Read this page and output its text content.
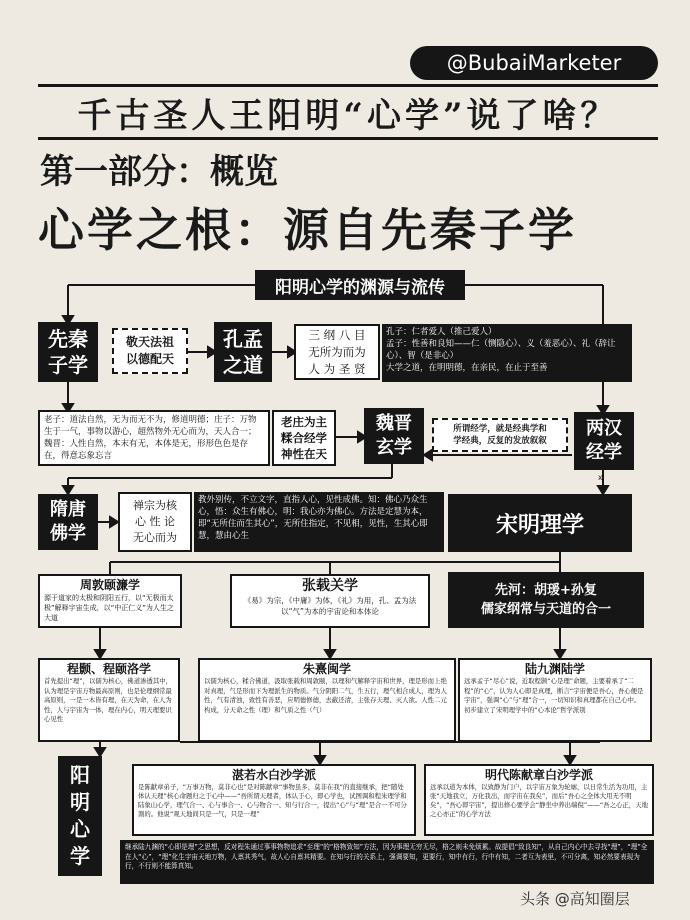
@BubaiMarketer
千古圣人王阳明“心学”说了啥？
第一部分：概览
心学之根：源自先秦子学
阳明心学的渊源与流传
先秦
子学
敬天法祖
以德配天
孔孟
之道
三 纲 八 目
无所为而为
人 为 圣 贤
孔子：仁者爱人（推己爱人）
孟子：性善和良知——仁（恻隐心）、义（羞恶心）、礼（辞让心）、智（是非心）
大学之道，在明明德，在亲民，在止于至善
老子：道法自然，无为而无不为，修道明德；庄子：万物生于一气，事物以游心，超然物外无心而为，天人合一；魏晋：人性自然，本末有无，本体是无，形形色色是存在，得意忘象忘言
老庄为主
糅合经学
神性在天
魏晋
玄学
所谓经学，就是经典学和
学经典，反复的发放叙叙
两汉
经学
x
隋唐
佛学
禅宗为核
心 性 论
无心而为
教外别传，不立文字，直指人心，见性成佛。知：佛心乃众生心，悟：众生有佛心，明：我心亦为佛心。方法是定慧为本，即“无所住而生其心”，无所住指定，不见相，见性，生其心即慧，慧由心生	宋明理学
周敦颐濂学
源于道家的太极和阴阳五行，以“无极而太极”解释宇宙生成，以“中正仁义”为人生之大道
张载关学
《易》为宗，《中庸》为体，《礼》为用，孔、孟为法
以“气”为本的宇宙论和本体论
先河：胡瑗+孙复
儒家纲常与天道的合一
程颢、程颐洛学
首先提出“理”，以儒为核心，佛道渗透其中，认为理是宇宙万物最高原则，也是伦理纲常最高原则，一是一木皆有理，在天为命，在人为性，人与宇宙为一体，理在内心，明天理要识心见性
朱熹闽学
以儒为核心，糅合佛道，汲取张载和周敦颐，以理和气解释宇宙和世界，理是形而上绝对真理，气是形而下为理派生的物质。气分阴阳二气，生五行，理气相合成人，理为人性，气有清浊，致性有善恶，应明德修德，去蔽还清，主张存天理、灭人欲。人性二元构成，分天命之性（理）和气质之性（气）
陆九渊陆学
远承孟子“尽心”说，近取程颢“心是理”命题，主要着承了“二程”的“心”，认为人心即是真理，断言“宇宙便是吾心，吾心便是宇宙”，强调“心”与“理”合一，一切知识和真理都在自己心中。初步建立了宋明理学中的“心本论”哲学派别
阳
明
心
学
湛若水白沙学派
是陈献章弟子，“万事万物，莫非心也”是对陈献章“事物虽多，莫非在我”的直接继承，把“随处体认天理”核心命题归之于心中——“吾所谓天理者，体认于心，即心学也，试图调和程朱理学和陆象山心学，理气合一、心与事合一、心与物合一、知与行合一，提出“心”与“理”是合一不可分割的。他说“观天地间只是一气，只是一理”
明代陈献章白沙学派
远承以道为本体，以致静为门户，以宇宙万象为轮廓，以日常生活为功用，主张“天地我立，万化我出，而宇宙在我矣”，而后“吾心之全体大用无不明矣”，“吾心即宇宙”，提出修心要学会“静坐中养出端倪”——“吾之心正，天地之心亦正”的心学方法
继承陆九渊的“心即是理”之思想，反对程朱通过事事物物追求“至理”的“格物致知”方法，因为事理无穷无尽，格之则未免烦累。故提倡“致良知”，从自己内心中去寻找“理”，“理”全在人“心”，“理”化生宇宙天地万物，人禀其秀气，故人心自禀其精要。在知与行的关系上，强调要知，更要行，知中有行，行中有知，二者互为表里，不可分离，知必然要表现为行，不行则不能算真知。
头条 @高知圈层
